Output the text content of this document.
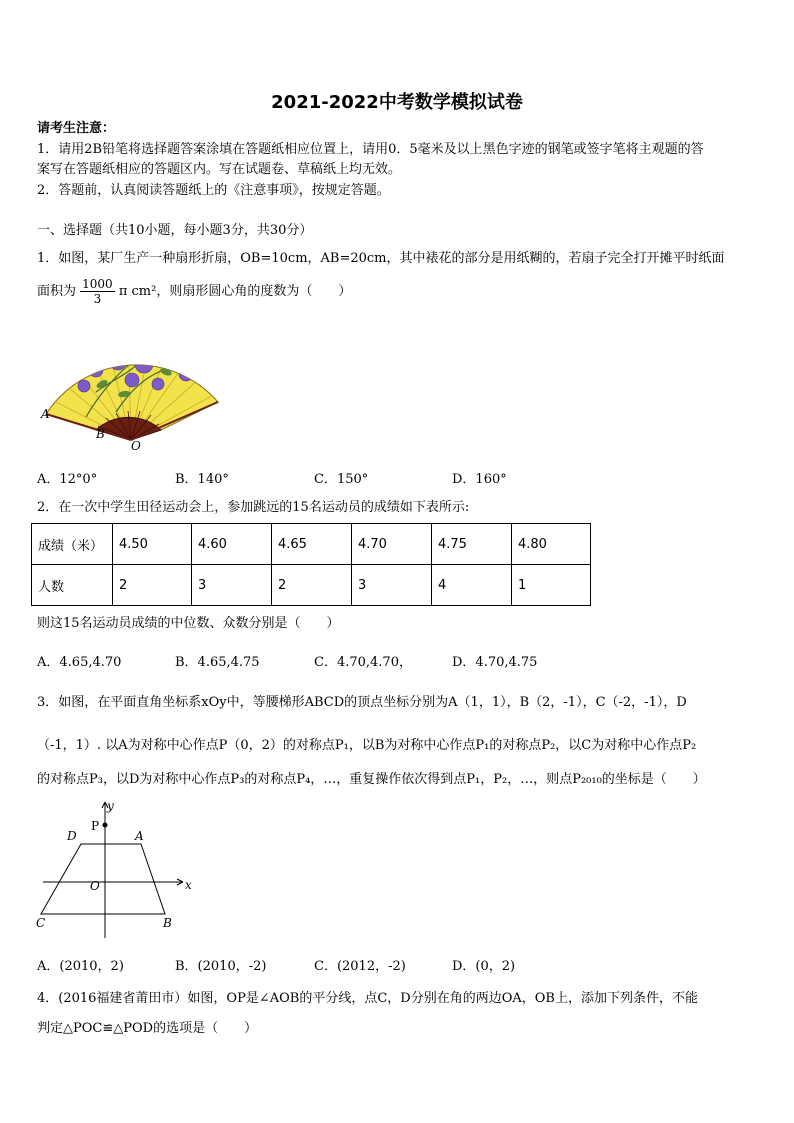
2021-2022中考数学模拟试卷
请考生注意：
1．请用2B铅笔将选择题答案涂填在答题纸相应位置上，请用0．5毫米及以上黑色字迹的钢笔或签字笔将主观题的答
案写在答题纸相应的答题区内。写在试题卷、草稿纸上均无效。
2．答题前，认真阅读答题纸上的《注意事项》，按规定答题。
一、选择题（共10小题，每小题3分，共30分）
1．如图，某厂生产一种扇形折扇，OB=10cm，AB=20cm，其中裱花的部分是用纸糊的，若扇子完全打开摊平时纸面
面积为 $\frac{1000}{3}$ π cm²，则扇形圆心角的度数为（　　）
A
B
O
A．12°0°	B．140°	C．150°	D．160°
2．在一次中学生田径运动会上，参加跳远的15名运动员的成绩如下表所示:
成绩（米）	4.50	4.60	4.65	4.70	4.75	4.80
人数	2	3	2	3	4	1
则这15名运动员成绩的中位数、众数分别是（　　）
A．4.65,4.70	B．4.65,4.75	C．4.70,4.70，	D．4.70,4.75
3．如图，在平面直角坐标系xOy中，等腰梯形ABCD的顶点坐标分别为A（1，1），B（2，-1），C（-2，-1），D
（-1，1）. 以A为对称中心作点P（0，2）的对称点P₁，以B为对称中心作点P₁的对称点P₂，以C为对称中心作点P₂
的对称点P₃，以D为对称中心作点P₃的对称点P₄，…，重复操作依次得到点P₁，P₂，…，则点P₂₀₁₀的坐标是（　　）
y
x
P
D	A
O
C	B
A．(2010，2)	B．(2010，-2)	C．(2012，-2)	D．(0，2)
4．(2016福建省莆田市）如图，OP是∠AOB的平分线，点C，D分别在角的两边OA，OB上，添加下列条件，不能
判定△POC≌△POD的选项是（　　）
